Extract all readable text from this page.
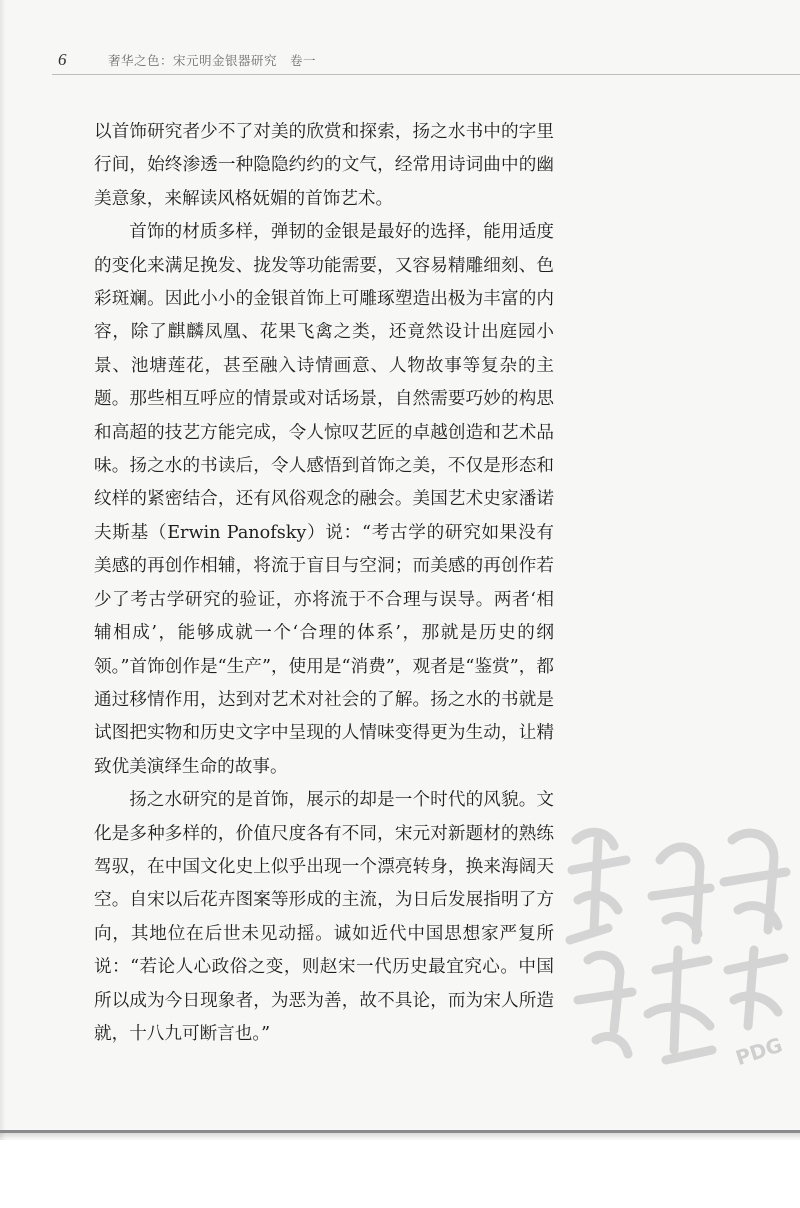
6	奢华之色：宋元明金银器研究　卷一

以首饰研究者少不了对美的欣赏和探索，扬之水书中的字里行间，始终渗透一种隐隐约约的文气，经常用诗词曲中的幽美意象，来解读风格妩媚的首饰艺术。

首饰的材质多样，弹韧的金银是最好的选择，能用适度的变化来满足挽发、拢发等功能需要，又容易精雕细刻、色彩斑斓。因此小小的金银首饰上可雕琢塑造出极为丰富的内容，除了麒麟凤凰、花果飞禽之类，还竟然设计出庭园小景、池塘莲花，甚至融入诗情画意、人物故事等复杂的主题。那些相互呼应的情景或对话场景，自然需要巧妙的构思和高超的技艺方能完成，令人惊叹艺匠的卓越创造和艺术品味。扬之水的书读后，令人感悟到首饰之美，不仅是形态和纹样的紧密结合，还有风俗观念的融会。美国艺术史家潘诺夫斯基（Erwin Panofsky）说：“考古学的研究如果没有美感的再创作相辅，将流于盲目与空洞；而美感的再创作若少了考古学研究的验证，亦将流于不合理与误导。两者‘相辅相成’，能够成就一个‘合理的体系’，那就是历史的纲领。”首饰创作是“生产”，使用是“消费”，观者是“鉴赏”，都通过移情作用，达到对艺术对社会的了解。扬之水的书就是试图把实物和历史文字中呈现的人情味变得更为生动，让精致优美演绎生命的故事。

扬之水研究的是首饰，展示的却是一个时代的风貌。文化是多种多样的，价值尺度各有不同，宋元对新题材的熟练驾驭，在中国文化史上似乎出现一个漂亮转身，换来海阔天空。自宋以后花卉图案等形成的主流，为日后发展指明了方向，其地位在后世未见动摇。诚如近代中国思想家严复所说：“若论人心政俗之变，则赵宋一代历史最宜究心。中国所以成为今日现象者，为恶为善，故不具论，而为宋人所造就，十八九可断言也。”	PDG
